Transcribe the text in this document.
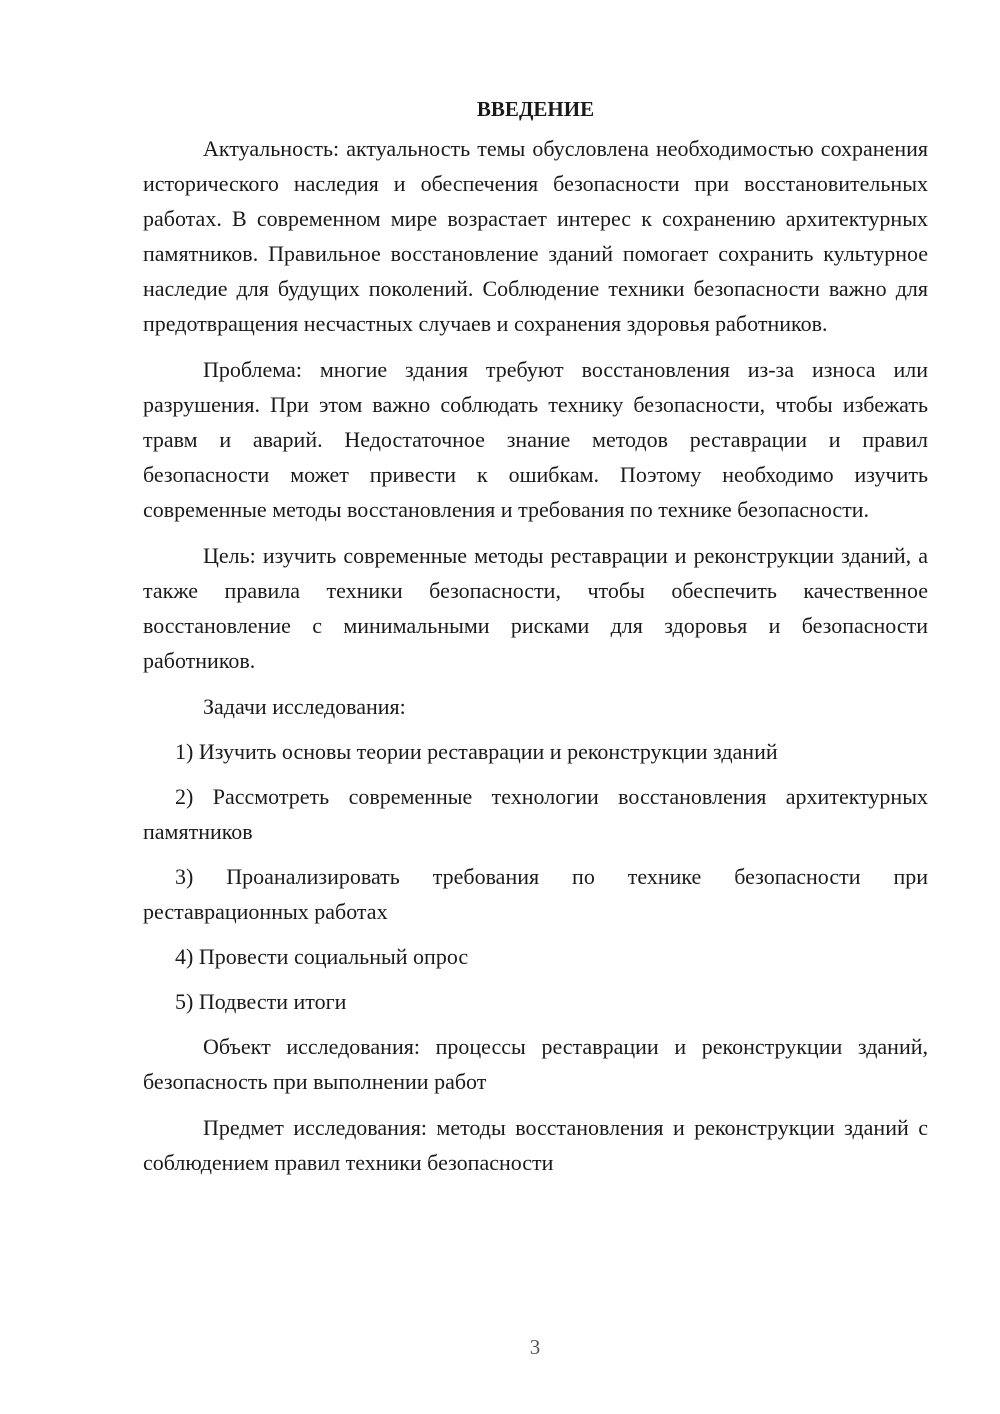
ВВЕДЕНИЕ

Актуальность: актуальность темы обусловлена необходимостью сохранения исторического наследия и обеспечения безопасности при восстановительных работах. В современном мире возрастает интерес к сохранению архитектурных памятников. Правильное восстановление зданий помогает сохранить культурное наследие для будущих поколений. Соблюдение техники безопасности важно для предотвращения несчастных случаев и сохранения здоровья работников.

Проблема: многие здания требуют восстановления из-за износа или разрушения. При этом важно соблюдать технику безопасности, чтобы избежать травм и аварий. Недостаточное знание методов реставрации и правил безопасности может привести к ошибкам. Поэтому необходимо изучить современные методы восстановления и требования по технике безопасности.

Цель: изучить современные методы реставрации и реконструкции зданий, а также правила техники безопасности, чтобы обеспечить качественное восстановление с минимальными рисками для здоровья и безопасности работников.

Задачи исследования:

1) Изучить основы теории реставрации и реконструкции зданий

2) Рассмотреть современные технологии восстановления архитектурных памятников

3) Проанализировать требования по технике безопасности при реставрационных работах

4) Провести социальный опрос

5) Подвести итоги

Объект исследования: процессы реставрации и реконструкции зданий, безопасность при выполнении работ

Предмет исследования: методы восстановления и реконструкции зданий с соблюдением правил техники безопасности

3
